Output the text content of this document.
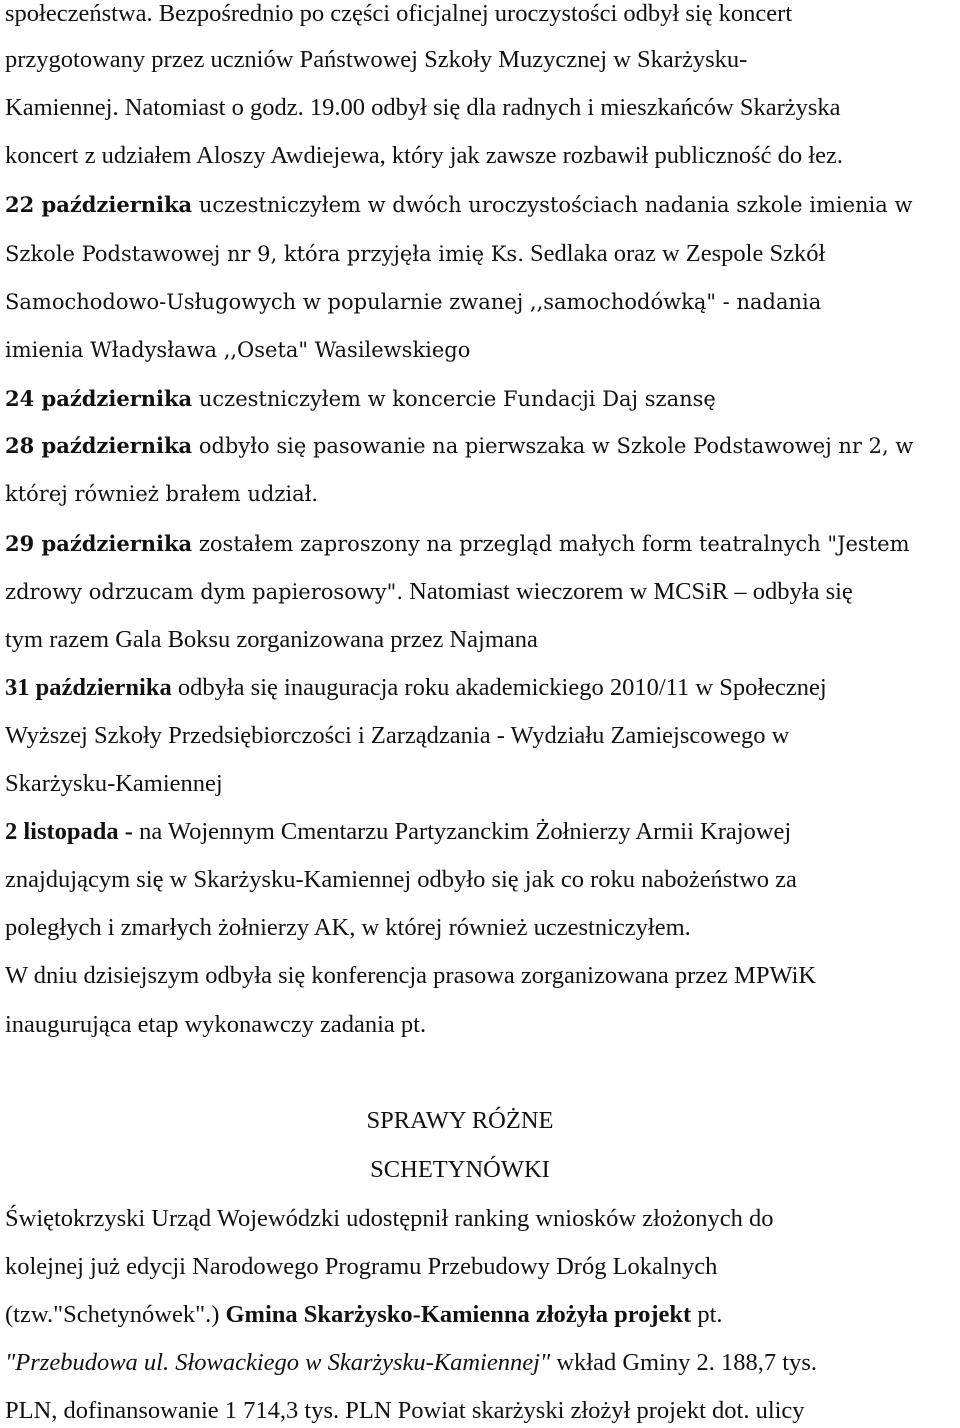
społeczeństwa. Bezpośrednio po części oficjalnej uroczystości odbył się koncert
przygotowany przez uczniów Państwowej Szkoły Muzycznej w Skarżysku-
Kamiennej. Natomiast o godz. 19.00 odbył się dla radnych i mieszkańców Skarżyska
koncert z udziałem Aloszy Awdiejewa, który jak zawsze rozbawił publiczność do łez.
22 października uczestniczyłem w dwóch uroczystościach nadania szkole imienia w
Szkole Podstawowej nr 9, która przyjęła imię Ks. Sedlaka oraz w Zespole Szkół
Samochodowo-Usługowych w popularnie zwanej ,,samochodówką" - nadania
imienia Władysława ,,Oseta" Wasilewskiego
24 października uczestniczyłem w koncercie Fundacji Daj szansę
28 października odbyło się pasowanie na pierwszaka w Szkole Podstawowej nr 2, w
której również brałem udział.
29 października zostałem zaproszony na przegląd małych form teatralnych "Jestem
zdrowy odrzucam dym papierosowy". Natomiast wieczorem w MCSiR – odbyła się
tym razem Gala Boksu zorganizowana przez Najmana
31 października odbyła się inauguracja roku akademickiego 2010/11 w Społecznej
Wyższej Szkoły Przedsiębiorczości i Zarządzania - Wydziału Zamiejscowego w
Skarżysku-Kamiennej
2 listopada - na Wojennym Cmentarzu Partyzanckim Żołnierzy Armii Krajowej
znajdującym się w Skarżysku-Kamiennej odbyło się jak co roku nabożeństwo za
poległych i zmarłych żołnierzy AK, w której również uczestniczyłem.
W dniu dzisiejszym odbyła się konferencja prasowa zorganizowana przez MPWiK
inaugurująca etap wykonawczy zadania pt.
SPRAWY RÓŻNE
SCHETYNÓWKI
Świętokrzyski Urząd Wojewódzki udostępnił ranking wniosków złożonych do
kolejnej już edycji Narodowego Programu Przebudowy Dróg Lokalnych
(tzw."Schetynówek".) Gmina Skarżysko-Kamienna złożyła projekt pt.
"Przebudowa ul. Słowackiego w Skarżysku-Kamiennej" wkład Gminy 2. 188,7 tys.
PLN, dofinansowanie 1 714,3 tys. PLN Powiat skarżyski złożył projekt dot. ulicy
